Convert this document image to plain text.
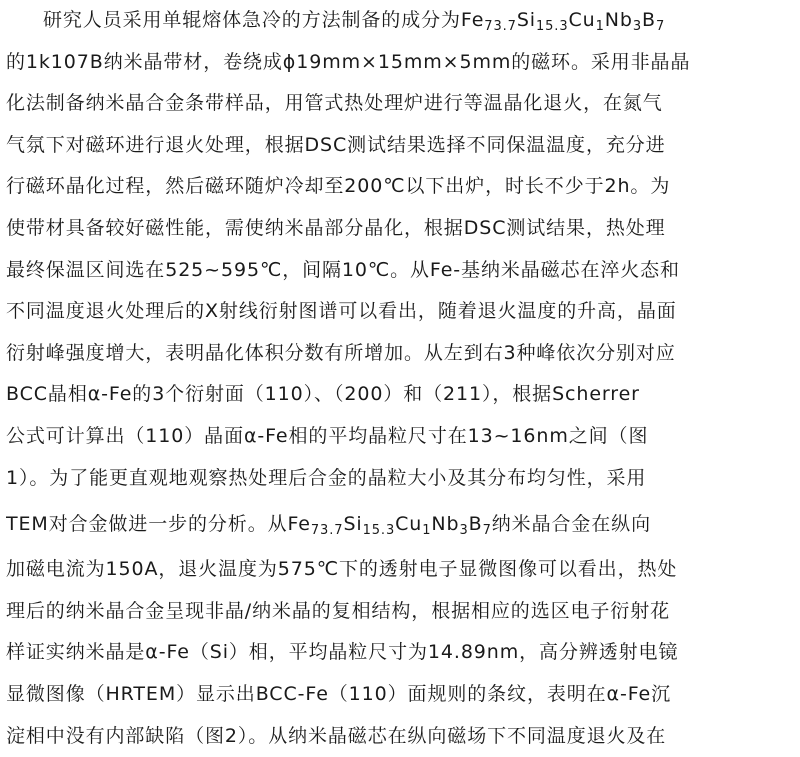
研究人员采用单辊熔体急冷的方法制备的成分为$Fe_{73.7}Si_{15.3}Cu_1Nb_3B_7$
的1k107B纳米晶带材，卷绕成ϕ19mm×15mm×5mm的磁环。采用非晶晶
化法制备纳米晶合金条带样品，用管式热处理炉进行等温晶化退火，在氮气
气氛下对磁环进行退火处理，根据DSC测试结果选择不同保温温度，充分进
行磁环晶化过程，然后磁环随炉冷却至200℃以下出炉，时长不少于2h。为
使带材具备较好磁性能，需使纳米晶部分晶化，根据DSC测试结果，热处理
最终保温区间选在525~595℃，间隔10℃。从Fe-基纳米晶磁芯在淬火态和
不同温度退火处理后的X射线衍射图谱可以看出，随着退火温度的升高，晶面
衍射峰强度增大，表明晶化体积分数有所增加。从左到右3种峰依次分别对应
BCC晶相α-Fe的3个衍射面（110）、（200）和（211），根据Scherrer
公式可计算出（110）晶面α-Fe相的平均晶粒尺寸在13~16nm之间（图
1）。为了能更直观地观察热处理后合金的晶粒大小及其分布均匀性，采用
TEM对合金做进一步的分析。从$Fe_{73.7}Si_{15.3}Cu_1Nb_3B_7$纳米晶合金在纵向
加磁电流为150A，退火温度为575℃下的透射电子显微图像可以看出，热处
理后的纳米晶合金呈现非晶/纳米晶的复相结构，根据相应的选区电子衍射花
样证实纳米晶是α-Fe（Si）相，平均晶粒尺寸为14.89nm，高分辨透射电镜
显微图像（HRTEM）显示出BCC-Fe（110）面规则的条纹，表明在α-Fe沉
淀相中没有内部缺陷（图2）。从纳米晶磁芯在纵向磁场下不同温度退火及在
